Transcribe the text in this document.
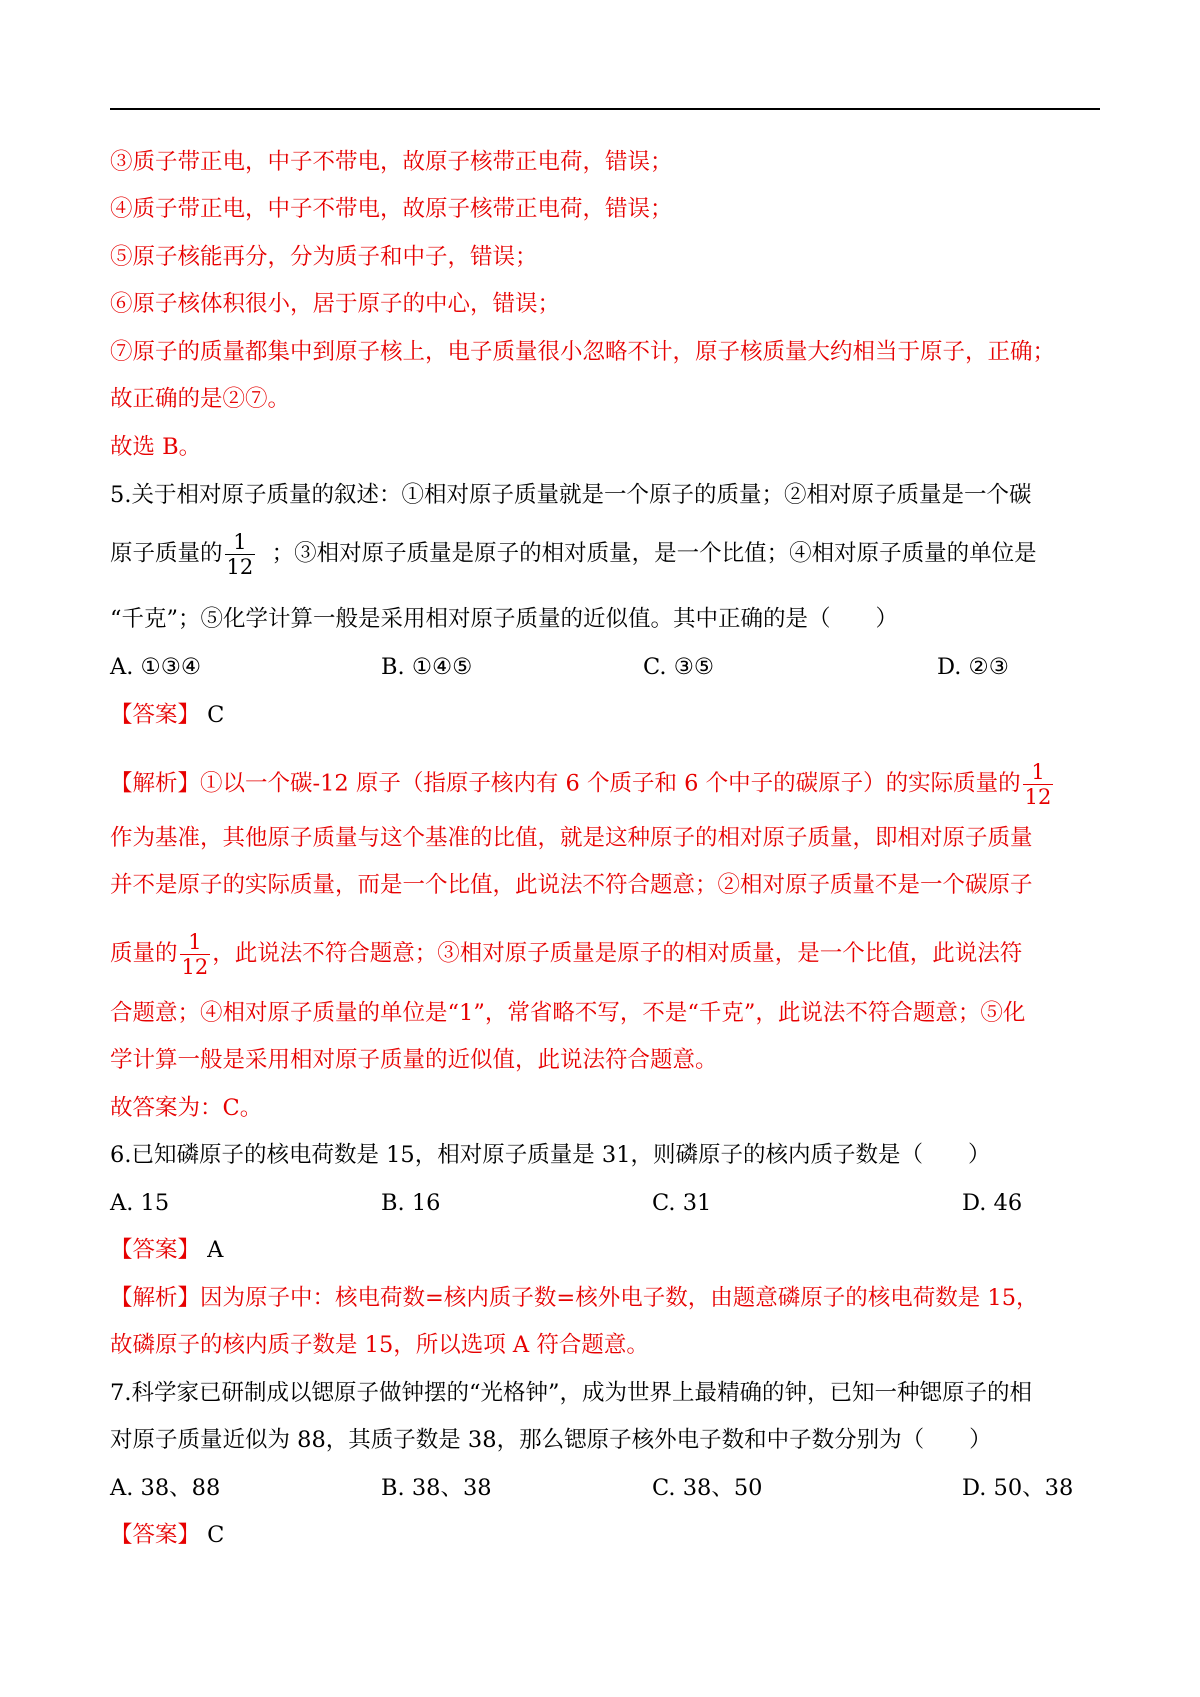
③质子带正电，中子不带电，故原子核带正电荷，错误；
④质子带正电，中子不带电，故原子核带正电荷，错误；
⑤原子核能再分，分为质子和中子，错误；
⑥原子核体积很小，居于原子的中心，错误；
⑦原子的质量都集中到原子核上，电子质量很小忽略不计，原子核质量大约相当于原子，正确；
故正确的是②⑦。
故选 B。
5.关于相对原子质量的叙述：①相对原子质量就是一个原子的质量；②相对原子质量是一个碳
原子质量的 $\frac{1}{12}$ ；③相对原子质量是原子的相对质量，是一个比值；④相对原子质量的单位是
“千克”；⑤化学计算一般是采用相对原子质量的近似值。其中正确的是（　　）
A. ①③④	B. ①④⑤	C. ③⑤	D. ②③
【答案】 C
【解析】①以一个碳-12 原子（指原子核内有 6 个质子和 6 个中子的碳原子）的实际质量的 $\frac{1}{12}$
作为基准，其他原子质量与这个基准的比值，就是这种原子的相对原子质量，即相对原子质量
并不是原子的实际质量，而是一个比值，此说法不符合题意；②相对原子质量不是一个碳原子
质量的 $\frac{1}{12}$ ，此说法不符合题意；③相对原子质量是原子的相对质量，是一个比值，此说法符
合题意；④相对原子质量的单位是“1”，常省略不写，不是“千克”，此说法不符合题意；⑤化
学计算一般是采用相对原子质量的近似值，此说法符合题意。
故答案为：C。
6.已知磷原子的核电荷数是 15，相对原子质量是 31，则磷原子的核内质子数是（　　）
A. 15	B. 16	C. 31	D. 46
【答案】 A
【解析】因为原子中：核电荷数=核内质子数=核外电子数，由题意磷原子的核电荷数是 15，
故磷原子的核内质子数是 15，所以选项 A 符合题意。
7.科学家已研制成以锶原子做钟摆的“光格钟”，成为世界上最精确的钟，已知一种锶原子的相
对原子质量近似为 88，其质子数是 38，那么锶原子核外电子数和中子数分别为（　　）
A. 38、88	B. 38、38	C. 38、50	D. 50、38
【答案】 C
